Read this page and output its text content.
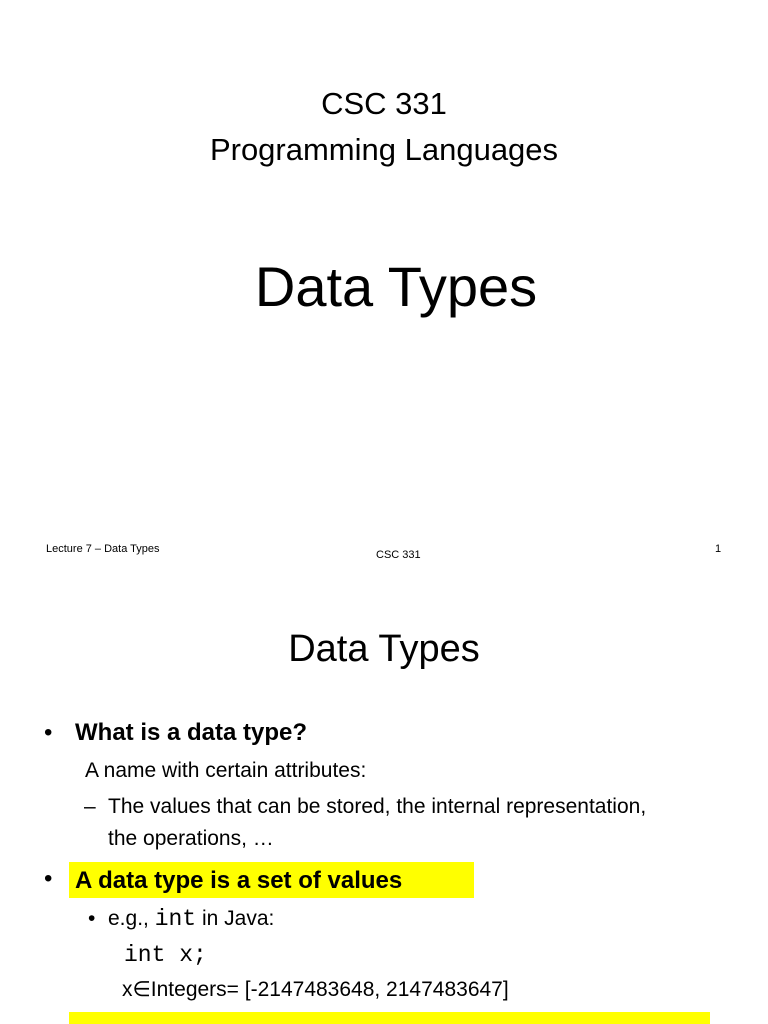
CSC 331
Programming Languages
Data Types
Lecture 7 – Data Types	CSC 331	1
Data Types
• What is a data type?
A name with certain attributes:
– The values that can be stored, the internal representation,
the operations, …
• A data type is a set of values
• e.g., int in Java:
int x;
x∈Integers= [-2147483648, 2147483647]
